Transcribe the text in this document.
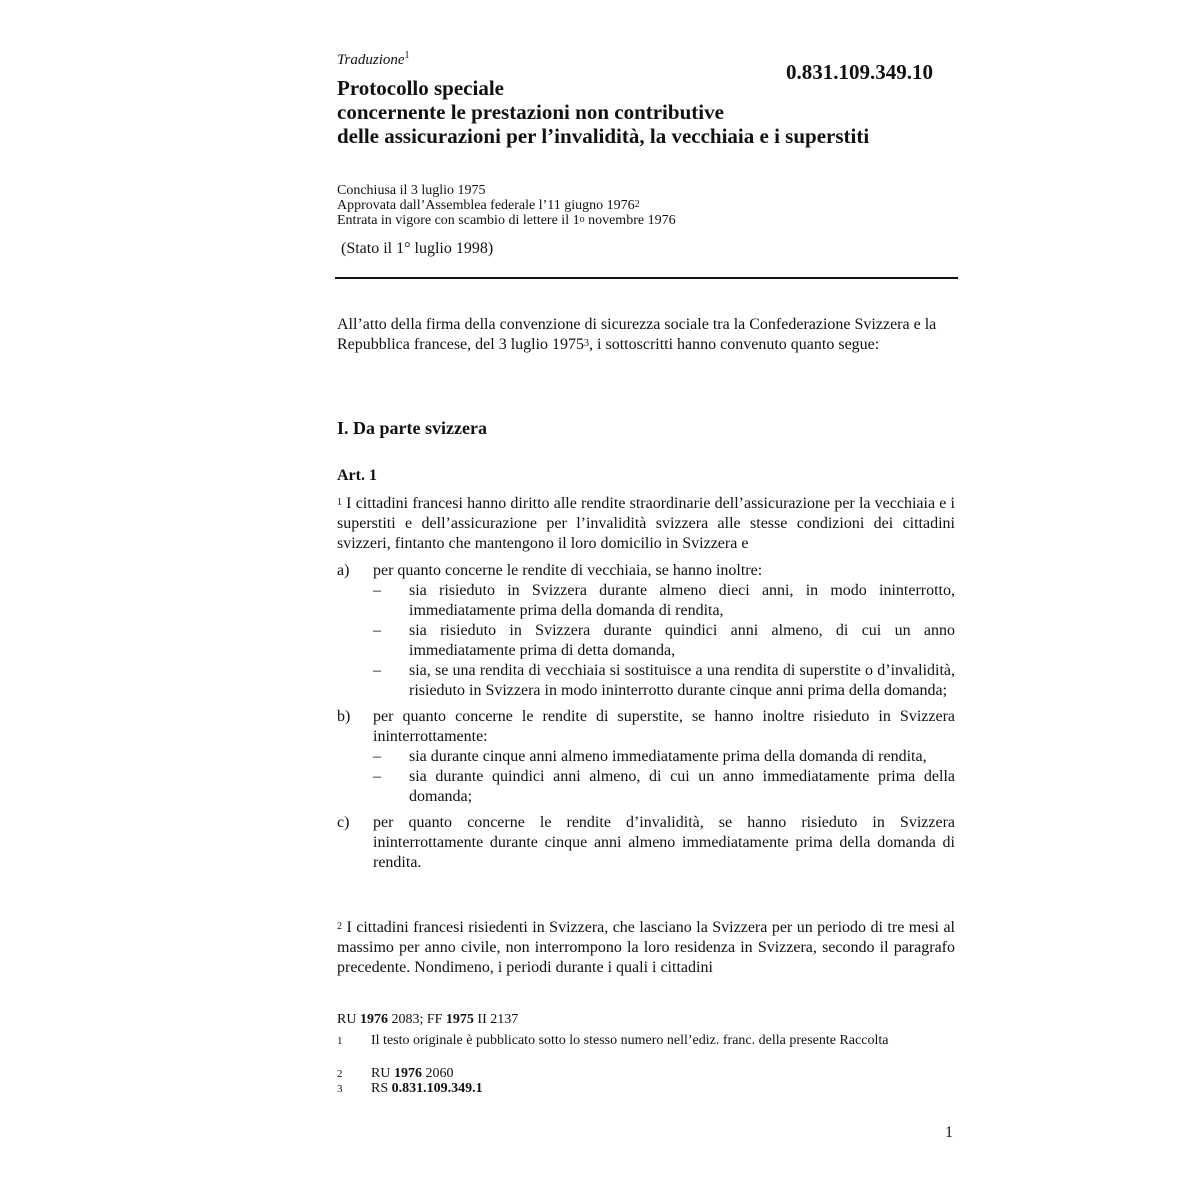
Traduzione$^1$
0.831.109.349.10
Protocollo speciale
concernente le prestazioni non contributive
delle assicurazioni per l’invalidità, la vecchiaia e i superstiti
Conchiusa il 3 luglio 1975
Approvata dall’Assemblea federale l’11 giugno 1976$^2$
Entrata in vigore con scambio di lettere il 1$^o$ novembre 1976
(Stato il 1° luglio 1998)
All’atto della firma della convenzione di sicurezza sociale tra la Confederazione Svizzera e la Repubblica francese, del 3 luglio 1975$^3$, i sottoscritti hanno convenuto quanto segue:
I. Da parte svizzera
Art. 1
$^1$ I cittadini francesi hanno diritto alle rendite straordinarie dell’assicurazione per la vecchiaia e i superstiti e dell’assicurazione per l’invalidità svizzera alle stesse condizioni dei cittadini svizzeri, fintanto che mantengono il loro domicilio in Svizzera e
a) per quanto concerne le rendite di vecchiaia, se hanno inoltre:
– sia risieduto in Svizzera durante almeno dieci anni, in modo ininterrotto, immediatamente prima della domanda di rendita,
– sia risieduto in Svizzera durante quindici anni almeno, di cui un anno immediatamente prima di detta domanda,
– sia, se una rendita di vecchiaia si sostituisce a una rendita di superstite o d’invalidità, risieduto in Svizzera in modo ininterrotto durante cinque anni prima della domanda;
b) per quanto concerne le rendite di superstite, se hanno inoltre risieduto in Svizzera ininterrottamente:
– sia durante cinque anni almeno immediatamente prima della domanda di rendita,
– sia durante quindici anni almeno, di cui un anno immediatamente prima della domanda;
c) per quanto concerne le rendite d’invalidità, se hanno risieduto in Svizzera ininterrottamente durante cinque anni almeno immediatamente prima della domanda di rendita.
$^2$ I cittadini francesi risiedenti in Svizzera, che lasciano la Svizzera per un periodo di tre mesi al massimo per anno civile, non interrompono la loro residenza in Svizzera, secondo il paragrafo precedente. Nondimeno, i periodi durante i quali i cittadini
RU 1976 2083; FF 1975 II 2137
1 Il testo originale è pubblicato sotto lo stesso numero nell’ediz. franc. della presente Raccolta
2 RU 1976 2060
3 RS 0.831.109.349.1
1
